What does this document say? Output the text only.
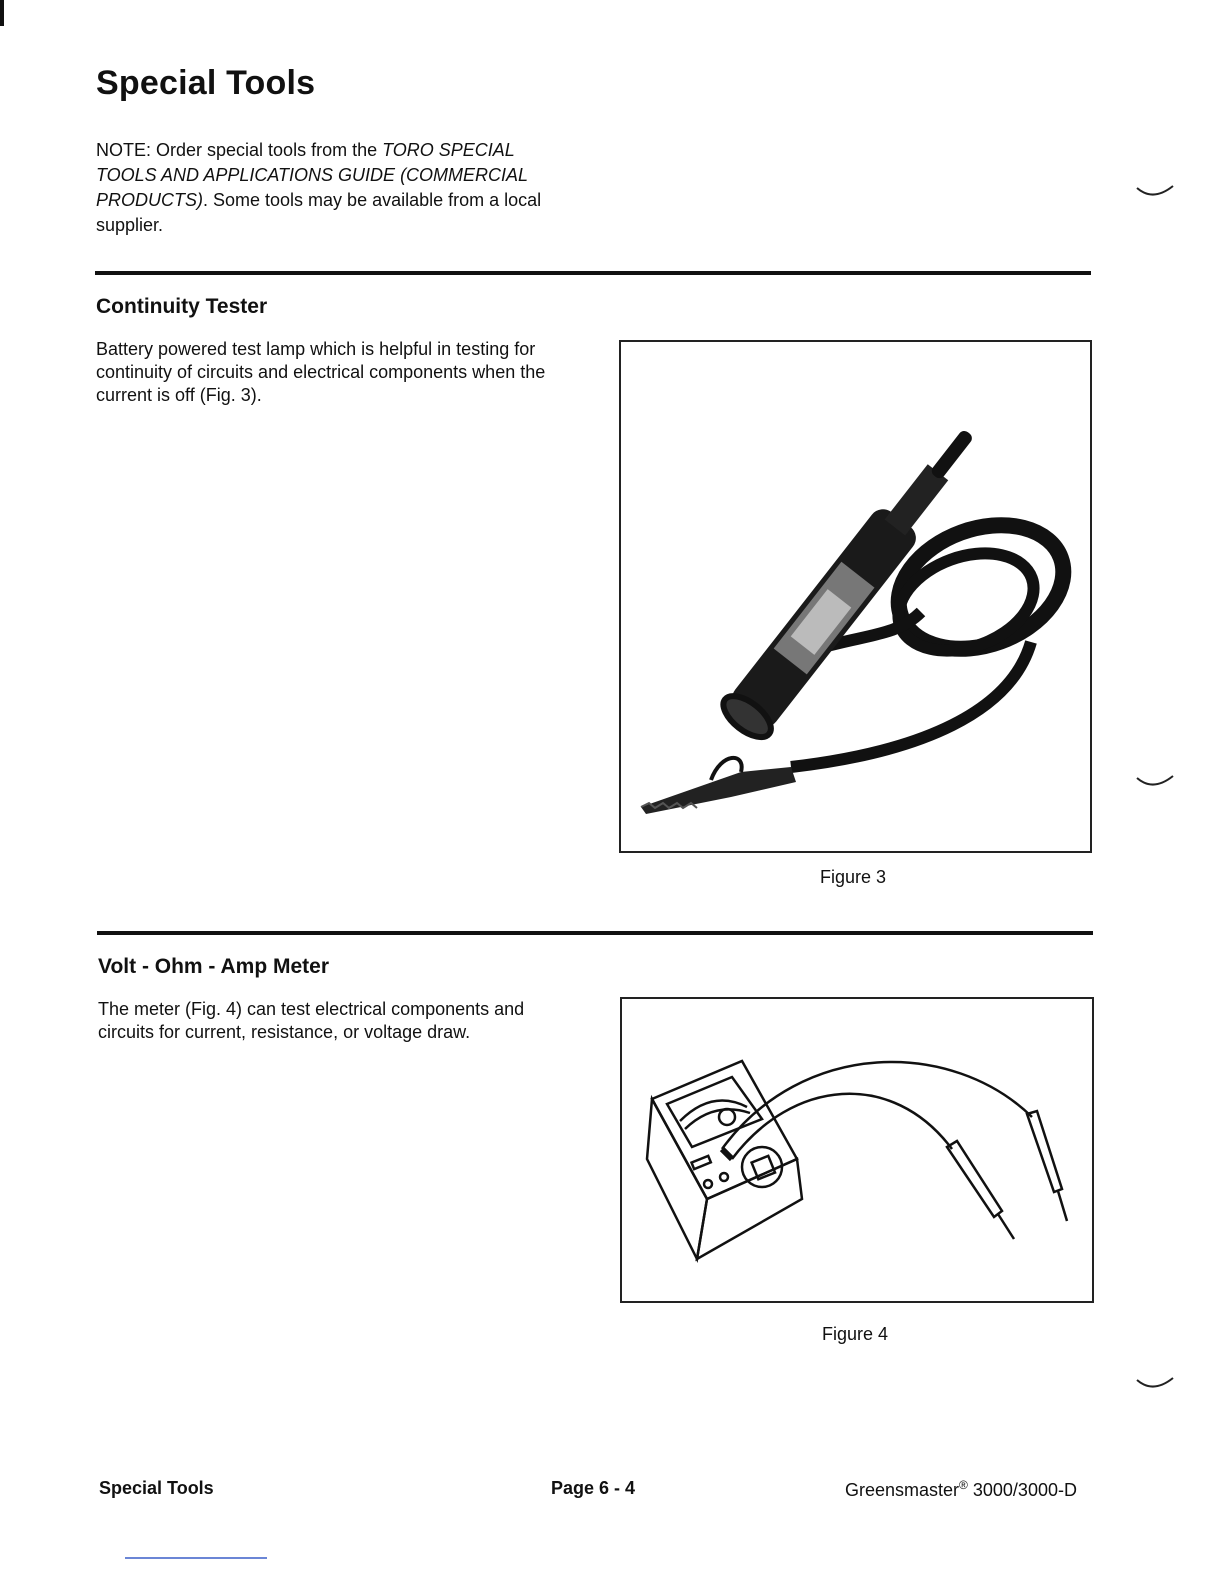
Special Tools
NOTE: Order special tools from the TORO SPECIAL TOOLS AND APPLICATIONS GUIDE (COMMERCIAL PRODUCTS). Some tools may be available from a local supplier.
Continuity Tester
Battery powered test lamp which is helpful in testing for continuity of circuits and electrical components when the current is off (Fig. 3).
Figure 3
Volt - Ohm - Amp Meter
The meter (Fig. 4) can test electrical components and circuits for current, resistance, or voltage draw.
Figure 4
Special Tools	Page 6 - 4	Greensmaster® 3000/3000-D
